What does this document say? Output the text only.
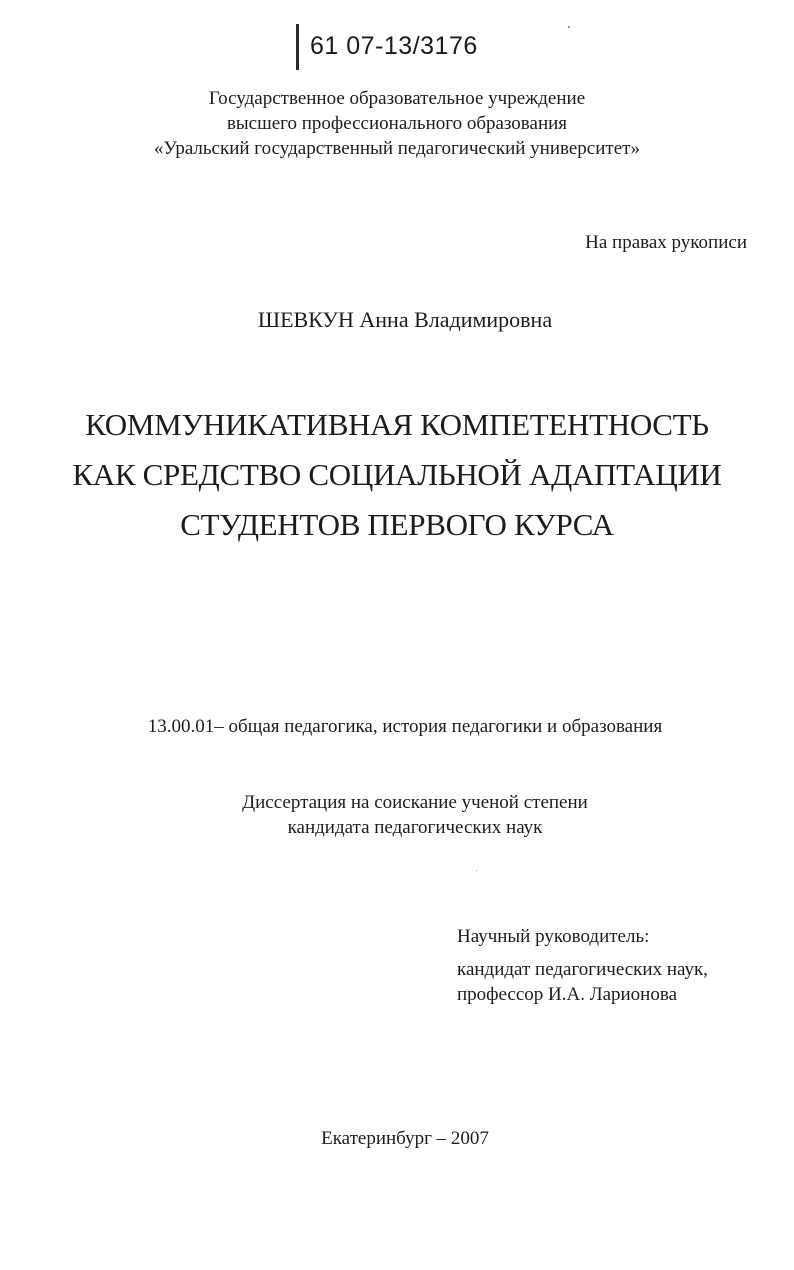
61 07-13/3176
Государственное образовательное учреждение
высшего профессионального образования
«Уральский государственный педагогический университет»
На правах рукописи
ШЕВКУН Анна Владимировна
КОММУНИКАТИВНАЯ КОМПЕТЕНТНОСТЬ
КАК СРЕДСТВО СОЦИАЛЬНОЙ АДАПТАЦИИ
СТУДЕНТОВ ПЕРВОГО КУРСА
13.00.01– общая педагогика, история педагогики и образования
Диссертация на соискание ученой степени
кандидата педагогических наук
Научный руководитель:
кандидат педагогических наук,
профессор И.А. Ларионова
Екатеринбург – 2007
